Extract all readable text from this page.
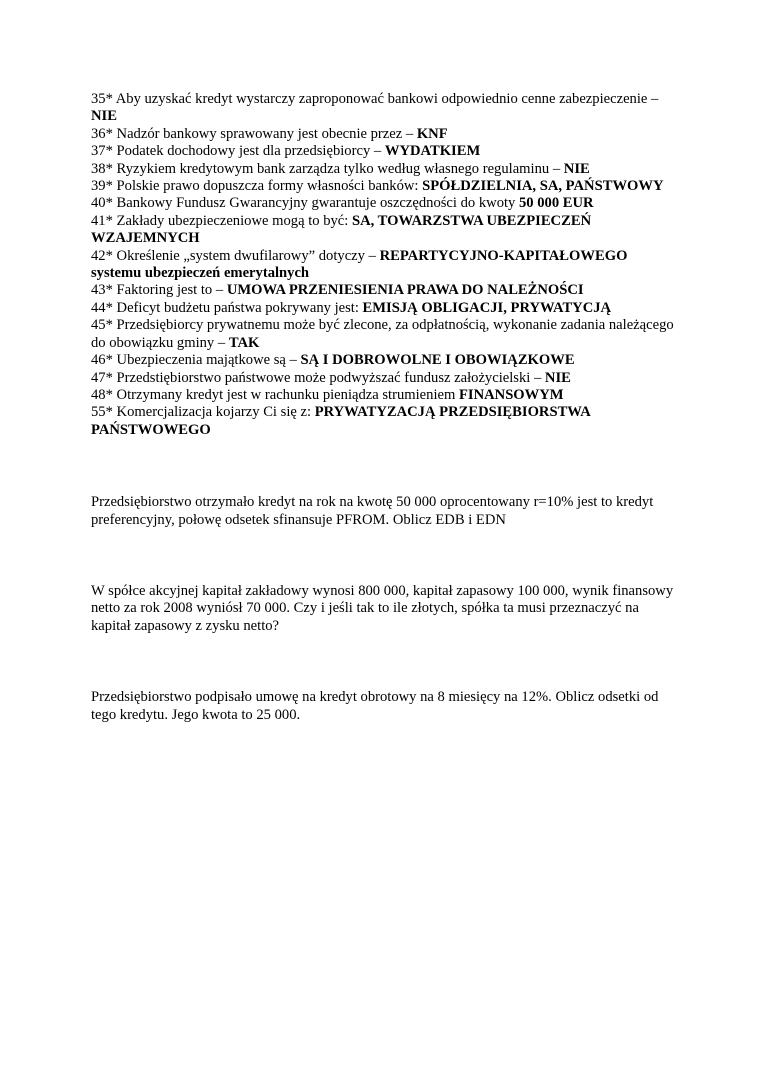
35* Aby uzyskać kredyt wystarczy zaproponować bankowi odpowiednio cenne zabezpieczenie – NIE

36* Nadzór bankowy sprawowany jest obecnie przez – KNF

37* Podatek dochodowy jest dla przedsiębiorcy – WYDATKIEM

38* Ryzykiem kredytowym bank zarządza tylko według własnego regulaminu – NIE

39* Polskie prawo dopuszcza formy własności banków: SPÓŁDZIELNIA, SA, PAŃSTWOWY

40* Bankowy Fundusz Gwarancyjny gwarantuje oszczędności do kwoty 50 000 EUR

41* Zakłady ubezpieczeniowe mogą to być: SA, TOWARZSTWA UBEZPIECZEŃ WZAJEMNYCH

42* Określenie „system dwufilarowy” dotyczy – REPARTYCYJNO-KAPITAŁOWEGO systemu ubezpieczeń emerytalnych

43* Faktoring jest to – UMOWA PRZENIESIENIA PRAWA DO NALEŻNOŚCI

44* Deficyt budżetu państwa pokrywany jest: EMISJĄ OBLIGACJI, PRYWATYCJĄ

45* Przedsiębiorcy prywatnemu może być zlecone, za odpłatnością, wykonanie zadania należącego do obowiązku gminy – TAK

46* Ubezpieczenia majątkowe są – SĄ I DOBROWOLNE I OBOWIĄZKOWE

47* Przedstiębiorstwo państwowe może podwyższać fundusz założycielski – NIE

48* Otrzymany kredyt jest w rachunku pieniądza strumieniem FINANSOWYM

55* Komercjalizacja kojarzy Ci się z: PRYWATYZACJĄ PRZEDSIĘBIORSTWA PAŃSTWOWEGO

Przedsiębiorstwo otrzymało kredyt na rok na kwotę 50 000 oprocentowany r=10% jest to kredyt preferencyjny, połowę odsetek sfinansuje PFROM. Oblicz EDB i EDN

W spółce akcyjnej kapitał zakładowy wynosi 800 000, kapitał zapasowy 100 000, wynik finansowy netto za rok 2008 wyniósł 70 000. Czy i jeśli tak to ile złotych, spółka ta musi przeznaczyć na kapitał zapasowy z zysku netto?

Przedsiębiorstwo podpisało umowę na kredyt obrotowy na 8 miesięcy na 12%. Oblicz odsetki od tego kredytu. Jego kwota to 25 000.
